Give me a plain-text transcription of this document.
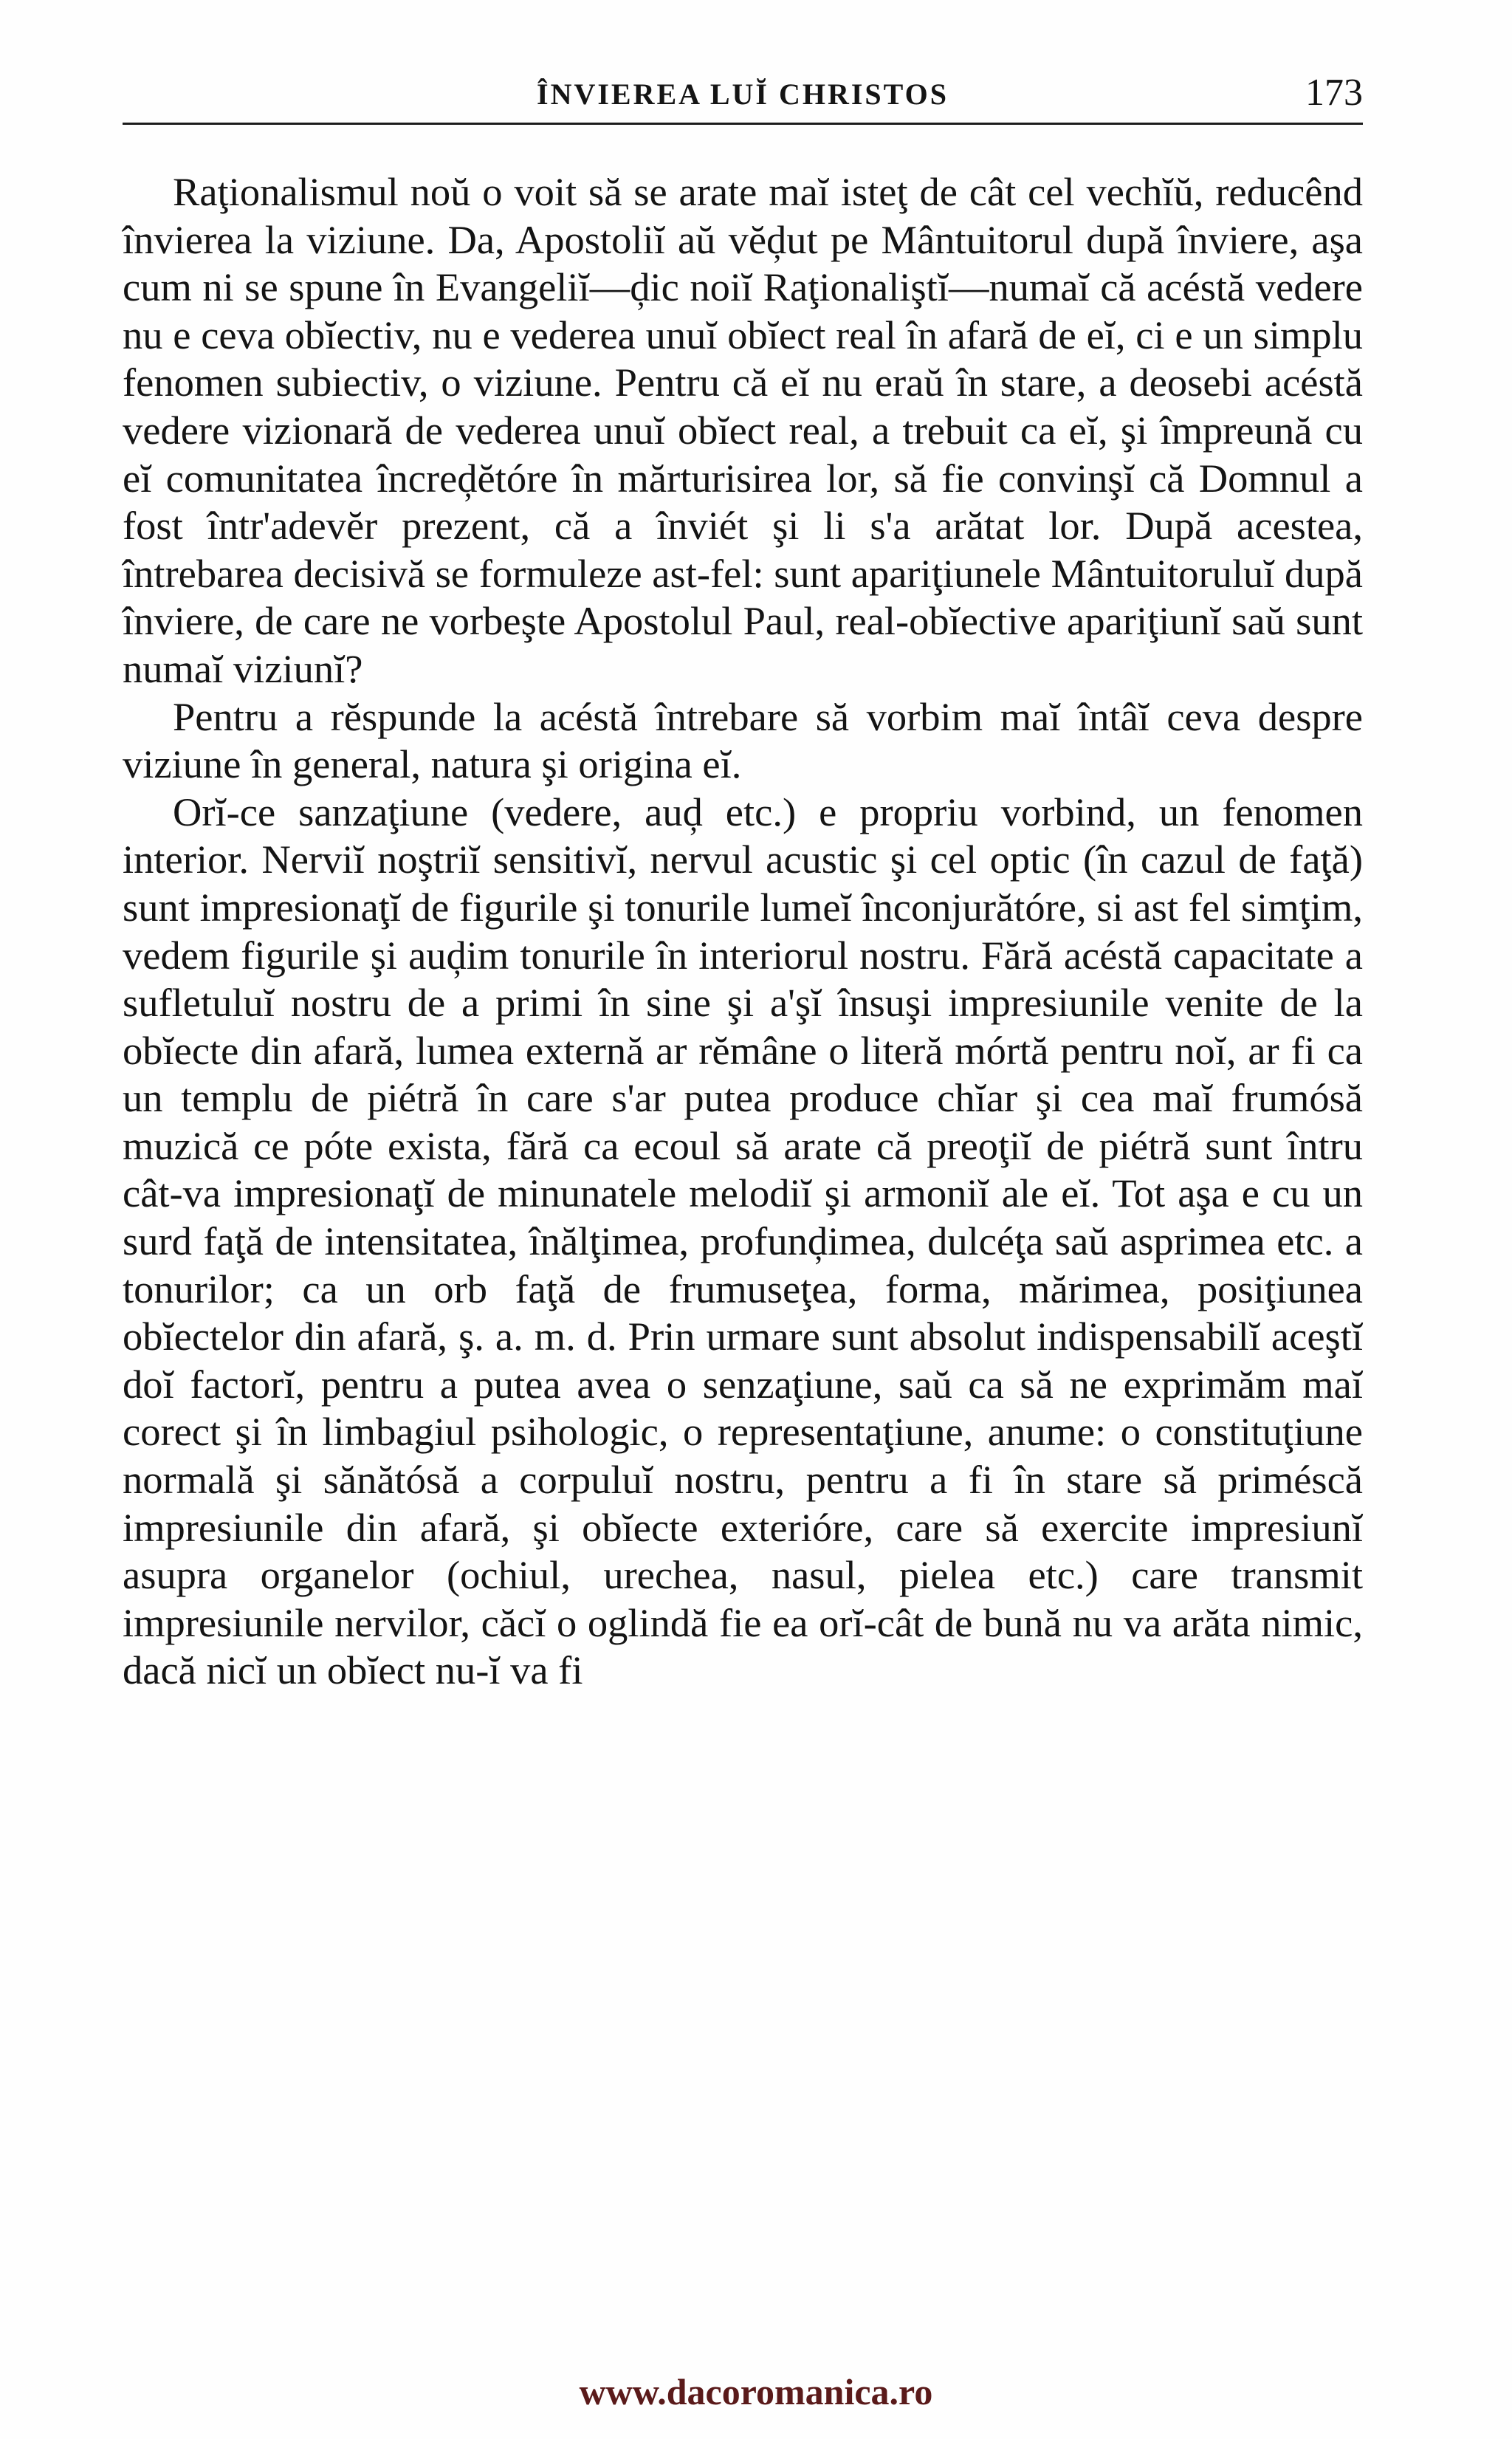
ÎNVIEREA LUĬ CHRISTOS	173

Raţionalismul noŭ o voit să se arate maĭ isteţ de cât cel vechĭŭ, reducênd învierea la viziune. Da, Apostoliĭ aŭ vĕḑut pe Mântuitorul după înviere, aşa cum ni se spune în Evangeliĭ—ḑic noiĭ Raţionaliştĭ—numaĭ că acéstă vedere nu e ceva obĭectiv, nu e vederea unuĭ obĭect real în afară de eĭ, ci e un simplu fenomen subiectiv, o viziune. Pentru că eĭ nu eraŭ în stare, a deosebi acéstă vedere vizionară de vederea unuĭ obĭect real, a trebuit ca eĭ, şi împreună cu eĭ comunitatea încreḑĕtóre în mărturisirea lor, să fie convinşĭ că Domnul a fost într'adevĕr prezent, că a înviét şi li s'a arătat lor. După acestea, întrebarea decisivă se formuleze ast-fel: sunt apariţiunele Mântuitoruluĭ după înviere, de care ne vorbeşte Apostolul Paul, real-obĭective apariţiunĭ saŭ sunt numaĭ viziunĭ?

Pentru a rĕspunde la acéstă întrebare să vorbim maĭ întâĭ ceva despre viziune în general, natura şi origina eĭ.

Orĭ-ce sanzaţiune (vedere, auḑ etc.) e propriu vorbind, un fenomen interior. Nerviĭ noştriĭ sensitivĭ, nervul acustic şi cel optic (în cazul de faţă) sunt impresionaţĭ de figurile şi tonurile lumeĭ înconjurătóre, si ast fel simţim, vedem figurile şi auḑim tonurile în interiorul nostru. Fără acéstă capacitate a sufletuluĭ nostru de a primi în sine şi a'şĭ însuşi impresiunile venite de la obĭecte din afară, lumea externă ar rĕmâne o literă mórtă pentru noĭ, ar fi ca un templu de piétră în care s'ar putea produce chĭar şi cea maĭ frumósă muzică ce póte exista, fără ca ecoul să arate că preoţiĭ de piétră sunt întru cât-va impresionaţĭ de minunatele melodiĭ şi armoniĭ ale eĭ. Tot aşa e cu un surd faţă de intensitatea, înălţimea, profunḑimea, dulcéţa saŭ asprimea etc. a tonurilor; ca un orb faţă de frumuseţea, forma, mărimea, posiţiunea obĭectelor din afară, ş. a. m. d. Prin urmare sunt absolut indispensabilĭ aceştĭ doĭ factorĭ, pentru a putea avea o senzaţiune, saŭ ca să ne exprimăm maĭ corect şi în limbagiul psihologic, o representaţiune, anume: o constituţiune normală şi sănătósă a corpuluĭ nostru, pentru a fi în stare să priméscă impresiunile din afară, şi obĭecte exterióre, care să exercite impresiunĭ asupra organelor (ochiul, urechea, nasul, pielea etc.) care transmit impresiunile nervilor, căcĭ o oglindă fie ea orĭ-cât de bună nu va arăta nimic, dacă nicĭ un obĭect nu-ĭ va fi

www.dacoromanica.ro
